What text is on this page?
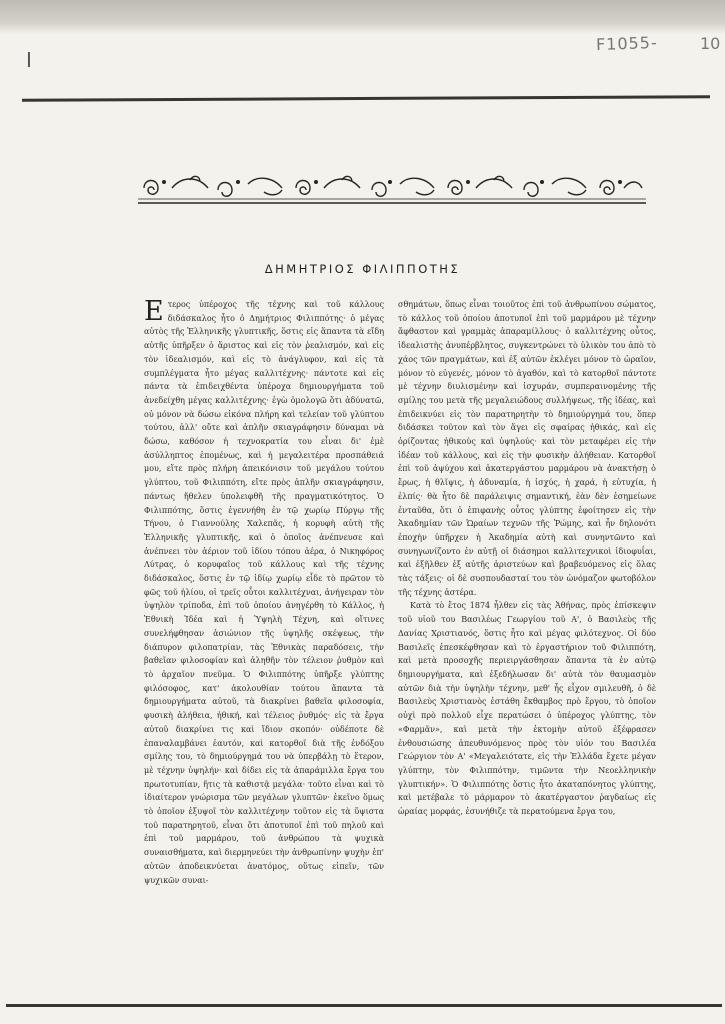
F1055-	10
I
ΔΗΜΗΤΡΙΟΣ ΦΙΛΙΠΠΟΤΗΣ

Ετερος ὑπέροχος τῆς τέχνης καὶ τοῦ κάλλους διδάσκαλος ἦτο ὁ Δημήτριος Φιλιππότης· ὁ μέγας αὐτὸς τῆς Ἑλληνικῆς γλυπτικῆς, ὅστις εἰς ἅπαντα τὰ εἴδη αὐτῆς ὑπῆρξεν ὁ ἄριστος καὶ εἰς τὸν ῥεαλισμόν, καὶ εἰς τὸν ἰδεαλισμόν, καὶ εἰς τὸ ἀνάγλυφον, καὶ εἰς τὰ συμπλέγματα ἦτο μέγας καλλιτέχνης· πάντοτε καὶ εἰς πάντα τὰ ἐπιδειχθέντα ὑπέροχα δημιουργήματα τοῦ ἀνεδείχθη μέγας καλλιτέχνης· ἐγὼ ὁμολογῶ ὅτι ἀδύνατῶ, οὐ μόνον νὰ δώσω εἰκόνα πλήρη καὶ τελείαν τοῦ γλύπτου τούτου, ἀλλ' οὔτε καὶ ἁπλῆν σκιαγράφησιν δύναμαι νὰ δώσω, καθόσον ἡ τεχνοκρατία του εἶναι δι' ἐμὲ ἀσύλληπτος ἐπομένως, καὶ ἡ μεγαλειτέρα προσπάθειά μου, εἴτε πρὸς πλήρη ἀπεικόνισιν τοῦ μεγάλου τούτου γλύπτου, τοῦ Φιλιππότη, εἴτε πρὸς ἁπλῆν σκιαγράφησιν, πάντως ἤθελεν ὑπολειφθῆ τῆς πραγματικότητος. Ὁ Φιλιππότης, ὅστις ἐγεννήθη ἐν τῷ χωρίῳ Πύργῳ τῆς Τήνου, ὁ Γιαννούλης Χαλεπᾶς, ἡ κορυφὴ αὐτὴ τῆς Ἑλληνικῆς γλυπτικῆς, καὶ ὁ ὁποῖος ἀνέπνευσε καὶ ἀνέπνεει τὸν ἀέριον τοῦ ἰδίου τόπου ἀέρα, ὁ Νικηφόρος Λύτρας, ὁ κορυφαῖος τοῦ κάλλους καὶ τῆς τέχνης διδάσκαλος, ὅστις ἐν τῷ ἰδίῳ χωρίῳ εἶδε τὸ πρῶτον τὸ φῶς τοῦ ἡλίου, οἱ τρεῖς οὗτοι καλλιτέχναι, ἀνήγειραν τὸν ὑψηλὸν τρίποδα, ἐπὶ τοῦ ὁποίου ἀνηγέρθη τὸ Κάλλος, ἡ Ἐθνικὴ Ἰδέα καὶ ἡ Ὑψηλὴ Τέχνη, καὶ οἵτινες συνελήφθησαν ἀσιώνιον τῆς ὑψηλῆς σκέψεως, τὴν διάπυρον φιλοπατρίαν, τὰς Ἐθνικὰς παραδόσεις, τὴν βαθεῖαν φιλοσοφίαν καὶ ἀληθῆν τὸν τέλειον ῥυθμὸν καὶ τὸ ἀρχαῖον πνεῦμα. Ὁ Φιλιππότης ὑπῆρξε γλύπτης φιλόσοφος, κατ' ἀκολουθίαν τούτου ἅπαντα τὰ δημιουργήματα αὐτοῦ, τὰ διακρίνει βαθεῖα φιλοσοφία, φυσικὴ ἀλήθεια, ἠθική, καὶ τέλειος ῥυθμός· εἰς τὰ ἔργα αὐτοῦ διακρίνει τις καὶ ἴδιον σκοπόν· οὐδέποτε δὲ ἐπαναλαμβάνει ἑαυτόν, καὶ κατορθοῖ διὰ τῆς ἐνδόξου σμίλης του, τὸ δημιούργημά του νὰ ὑπερβάλῃ τὸ ἕτερον, μὲ τέχνην ὑψηλήν· καὶ δίδει εἰς τὰ ἀπαράμιλλα ἔργα του πρωτοτυπίαν, ἥτις τὰ καθιστᾷ μεγάλα· τοῦτο εἶναι καὶ τὸ ἰδιαίτερον γνώρισμα τῶν μεγάλων γλυπτῶν· ἐκεῖνο ὅμως τὸ ὁποῖον ἐξυψοῖ τὸν καλλιτέχνην τοῦτον εἰς τὰ ὕψιστα τοῦ παρατηρητοῦ, εἶναι ὅτι ἀποτυποῖ ἐπὶ τοῦ πηλοῦ καὶ ἐπὶ τοῦ μαρμάρου, τοῦ ἀνθρώπου τὰ ψυχικὰ συναισθήματα, καὶ διερμηνεύει τὴν ἀνθρωπίνην ψυχὴν ἐπ' αὐτῶν ἀποδεικνύεται ἀνατόμος, οὕτως εἰπεῖν, τῶν ψυχικῶν συναι-

σθημάτων, ὅπως εἶναι τοιοῦτος ἐπὶ τοῦ ἀνθρωπίνου σώματος, τὸ κάλλος τοῦ ὁποίου ἀποτυποῖ ἐπὶ τοῦ μαρμάρου μὲ τέχνην ἄφθαστον καὶ γραμμὰς ἀπαραμίλλους· ὁ καλλιτέχνης οὗτος, ἰδεαλιστὴς ἀνυπέρβλητος, συγκεντρώνει τὸ ὑλικὸν του ἀπὸ τὸ χάος τῶν πραγμάτων, καὶ ἐξ αὐτῶν ἐκλέγει μόνον τὸ ὡραῖον, μόνον τὸ εὐγενές, μόνον τὸ ἀγαθόν, καὶ τὸ κατορθοῖ πάντοτε μὲ τέχνην διυλισμένην καὶ ἰσχυράν, συμπεραινομένης τῆς σμίλης του μετὰ τῆς μεγαλειώδους συλλήψεως, τῆς ἰδέας, καὶ ἐπιδεικνύει εἰς τὸν παρατηρητὴν τὸ δημιούργημά του, ὅπερ διδάσκει τοῦτον καὶ τὸν ἄγει εἰς σφαίρας ἠθικάς, καὶ εἰς ὁρίζοντας ἠθικοὺς καὶ ὑψηλούς· καὶ τὸν μεταφέρει εἰς τὴν ἰδέαν τοῦ κάλλους, καὶ εἰς τὴν φυσικὴν ἀλήθειαν. Κατορθοῖ ἐπὶ τοῦ ἀψύχου καὶ ἀκατεργάστου μαρμάρου νὰ ἀνακτήσῃ ὁ ἔρως, ἡ θλῖψις, ἡ ἀδυναμία, ἡ ἰσχύς, ἡ χαρά, ἡ εὐτυχία, ἡ ἐλπίς· θὰ ἦτο δὲ παράλειψις σημαντική, ἐὰν δὲν ἐσημείωνε ἐνταῦθα, ὅτι ὁ ἐπιφανὴς οὗτος γλύπτης ἐφοίτησεν εἰς τὴν Ἀκαδημίαν τῶν Ὡραίων τεχνῶν τῆς Ῥώμης, καὶ ἦν δηλονότι ἐποχὴν ὑπῆρχεν ἡ Ἀκαδημία αὐτὴ καὶ συνηντῶντο καὶ συνηγωνίζοντο ἐν αὐτῇ οἱ διάσημοι καλλιτεχνικοὶ ἰδιοφυΐαι, καὶ ἐξῆλθεν ἐξ αὐτῆς ἀριστεύων καὶ βραβευόμενος εἰς ὅλας τὰς τάξεις· οἱ δὲ συσπουδασταί του τὸν ὠνόμαζον φωτοβόλον τῆς τέχνης ἀστέρα.

Κατὰ τὸ ἔτος 1874 ἦλθεν εἰς τὰς Ἀθήνας, πρὸς ἐπίσκεψιν τοῦ υἱοῦ του Βασιλέως Γεωργίου τοῦ Α', ὁ Βασιλεὺς τῆς Δανίας Χριστιανός, ὅστις ἦτο καὶ μέγας φιλότεχνος. Οἱ δύο Βασιλεῖς ἐπεσκέφθησαν καὶ τὸ ἐργαστήριον τοῦ Φιλιππότη, καὶ μετὰ προσοχῆς περιειργάσθησαν ἅπαντα τὰ ἐν αὐτῷ δημιουργήματα, καὶ ἐξεδήλωσαν δι' αὐτὰ τὸν θαυμασμὸν αὐτῶν διὰ τὴν ὑψηλὴν τέχνην, μεθ' ἧς εἶχον σμιλευθῆ, ὁ δὲ Βασιλεὺς Χριστιανὸς ἐστάθη ἔκθαμβος πρὸ ἔργου, τὸ ὁποῖον οὐχὶ πρὸ πολλοῦ εἶχε περατώσει ὁ ὑπέροχος γλύπτης, τὸν «Φαρμᾶν», καὶ μετὰ τὴν ἐκτομὴν αὐτοῦ ἐξέφρασεν ἐνθουσιώσης ἀπευθυνόμενος πρὸς τὸν υἱόν του Βασιλέα Γεώργιον τὸν Α' «Μεγαλειότατε, εἰς τὴν Ἑλλάδα ἔχετε μέγαν γλύπτην, τὸν Φιλιππότην, τιμῶντα τὴν Νεοελληνικὴν γλυπτικήν». Ὁ Φιλιππότης ὅστις ἦτο ἀκαταπόνητος γλύπτης, καὶ μετέβαλε τὸ μάρμαρον τὸ ἀκατέργαστον ῥαγδαίως εἰς ὡραίας μορφάς, ἐσυνήθιζε τὰ περατούμενα ἔργα του,
